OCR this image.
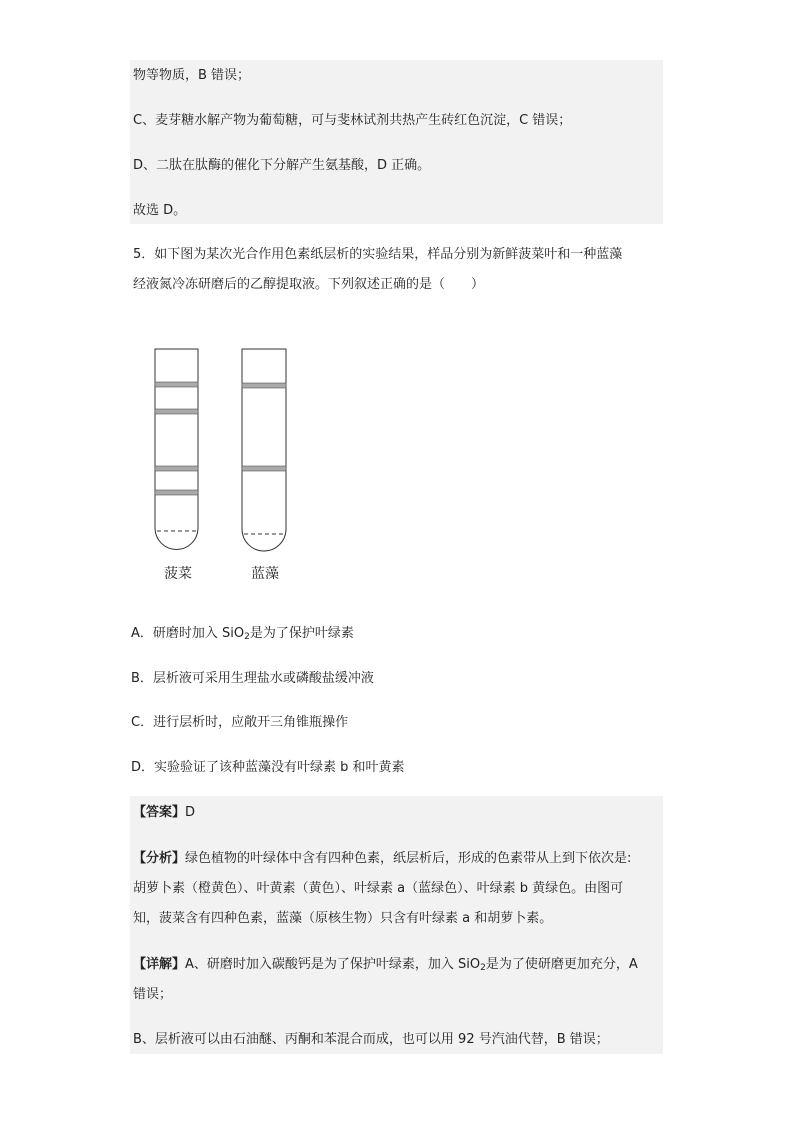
物等物质，B 错误；
C、麦芽糖水解产物为葡萄糖，可与斐林试剂共热产生砖红色沉淀，C 错误；
D、二肽在肽酶的催化下分解产生氨基酸，D 正确。
故选 D。
5．如下图为某次光合作用色素纸层析的实验结果，样品分别为新鲜菠菜叶和一种蓝藻
经液氮冷冻研磨后的乙醇提取液。下列叙述正确的是（　　）
菠菜	蓝藻
A．研磨时加入 SiO$_2$是为了保护叶绿素
B．层析液可采用生理盐水或磷酸盐缓冲液
C．进行层析时，应敞开三角锥瓶操作
D．实验验证了该种蓝藻没有叶绿素 b 和叶黄素
【答案】D
【分析】绿色植物的叶绿体中含有四种色素，纸层析后，形成的色素带从上到下依次是:
胡萝卜素（橙黄色）、叶黄素（黄色）、叶绿素 a（蓝绿色）、叶绿素 b 黄绿色。由图可
知，菠菜含有四种色素，蓝藻（原核生物）只含有叶绿素 a 和胡萝卜素。
【详解】A、研磨时加入碳酸钙是为了保护叶绿素，加入 SiO$_2$是为了使研磨更加充分，A
错误；
B、层析液可以由石油醚、丙酮和苯混合而成，也可以用 92 号汽油代替，B 错误；
